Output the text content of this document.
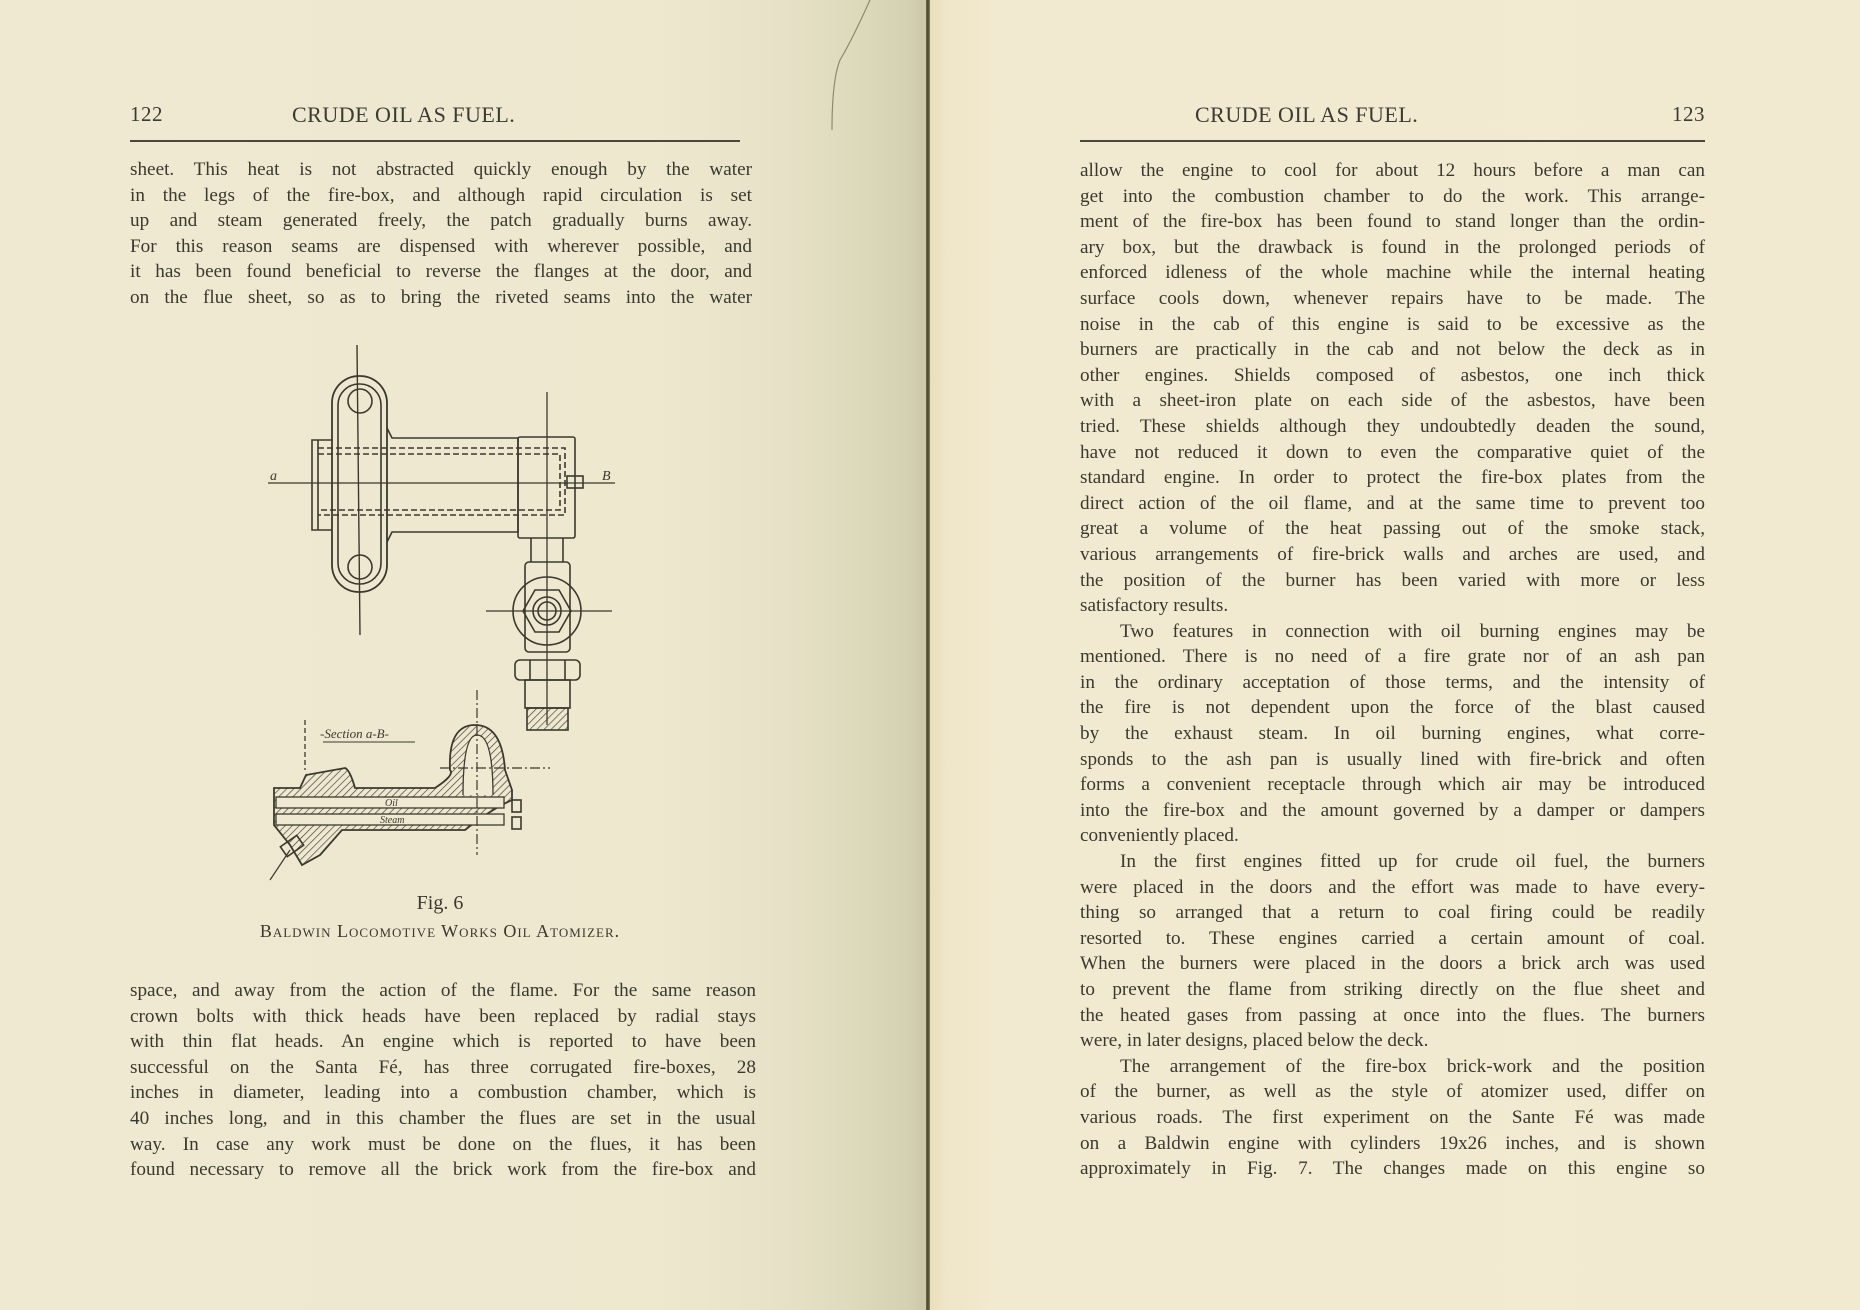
122	CRUDE OIL AS FUEL.
sheet. This heat is not abstracted quickly enough by the water
in the legs of the fire-box, and although rapid circulation is set
up and steam generated freely, the patch gradually burns away.
For this reason seams are dispensed with wherever possible, and
it has been found beneficial to reverse the flanges at the door, and
on the flue sheet, so as to bring the riveted seams into the water
a	B
-Section a-B-
Oil
Steam
Fig. 6
Baldwin Locomotive Works Oil Atomizer.
space, and away from the action of the flame. For the same reason
crown bolts with thick heads have been replaced by radial stays
with thin flat heads. An engine which is reported to have been
successful on the Santa Fé, has three corrugated fire-boxes, 28
inches in diameter, leading into a combustion chamber, which is
40 inches long, and in this chamber the flues are set in the usual
way. In case any work must be done on the flues, it has been
found necessary to remove all the brick work from the fire-box and
CRUDE OIL AS FUEL.	123
allow the engine to cool for about 12 hours before a man can
get into the combustion chamber to do the work. This arrange-
ment of the fire-box has been found to stand longer than the ordin-
ary box, but the drawback is found in the prolonged periods of
enforced idleness of the whole machine while the internal heating
surface cools down, whenever repairs have to be made. The
noise in the cab of this engine is said to be excessive as the
burners are practically in the cab and not below the deck as in
other engines. Shields composed of asbestos, one inch thick
with a sheet-iron plate on each side of the asbestos, have been
tried. These shields although they undoubtedly deaden the sound,
have not reduced it down to even the comparative quiet of the
standard engine. In order to protect the fire-box plates from the
direct action of the oil flame, and at the same time to prevent too
great a volume of the heat passing out of the smoke stack,
various arrangements of fire-brick walls and arches are used, and
the position of the burner has been varied with more or less
satisfactory results.
Two features in connection with oil burning engines may be
mentioned. There is no need of a fire grate nor of an ash pan
in the ordinary acceptation of those terms, and the intensity of
the fire is not dependent upon the force of the blast caused
by the exhaust steam. In oil burning engines, what corre-
sponds to the ash pan is usually lined with fire-brick and often
forms a convenient receptacle through which air may be introduced
into the fire-box and the amount governed by a damper or dampers
conveniently placed.
In the first engines fitted up for crude oil fuel, the burners
were placed in the doors and the effort was made to have every-
thing so arranged that a return to coal firing could be readily
resorted to. These engines carried a certain amount of coal.
When the burners were placed in the doors a brick arch was used
to prevent the flame from striking directly on the flue sheet and
the heated gases from passing at once into the flues. The burners
were, in later designs, placed below the deck.
The arrangement of the fire-box brick-work and the position
of the burner, as well as the style of atomizer used, differ on
various roads. The first experiment on the Sante Fé was made
on a Baldwin engine with cylinders 19x26 inches, and is shown
approximately in Fig. 7. The changes made on this engine so
